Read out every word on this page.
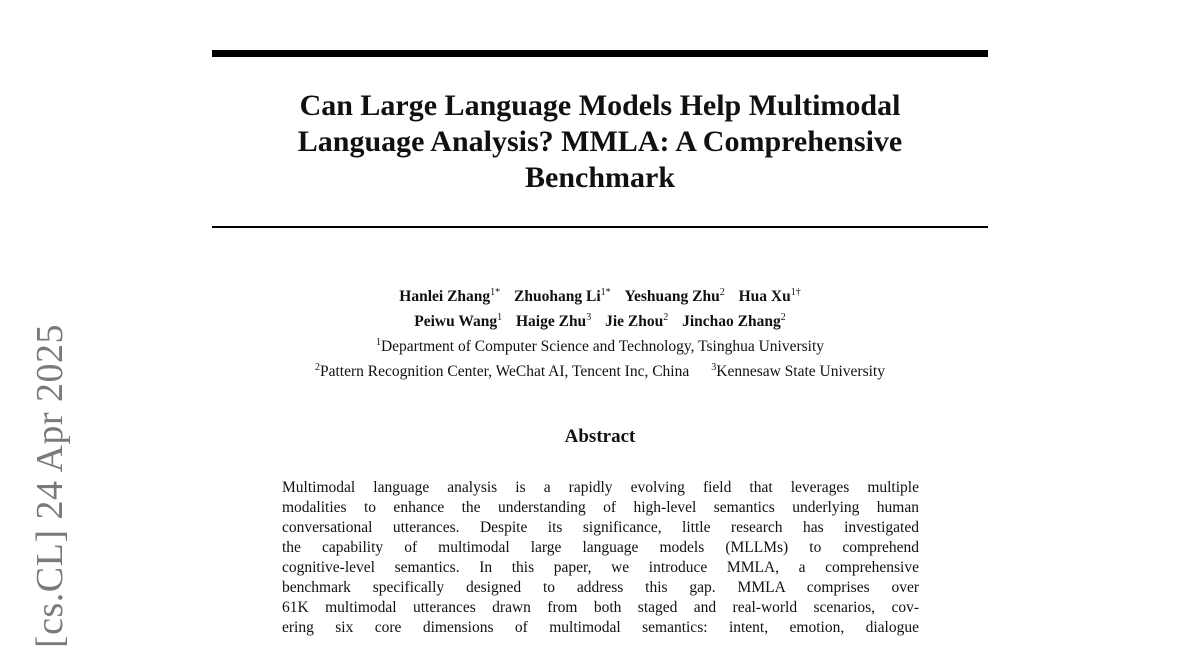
[cs.CL] 24 Apr 2025
Can Large Language Models Help Multimodal
Language Analysis? MMLA: A Comprehensive
Benchmark
Hanlei Zhang$^{1*}$ Zhuohang $Li^{1*}$ Yeshuang Zhu$^2$ Hua $Xu^{1\dagger}$
Peiwu Wang$^1$ Haige Zhu$^3$ Jie Zhou$^2$ Jinchao Zhang$^2$
$^1$Department of Computer Science and Technology, Tsinghua University
$^2$Pattern Recognition Center, WeChat AI, Tencent Inc, China $^3$Kennesaw State University
Abstract
Multimodal language analysis is a rapidly evolving field that leverages multiple
modalities to enhance the understanding of high-level semantics underlying human
conversational utterances. Despite its significance, little research has investigated
the capability of multimodal large language models (MLLMs) to comprehend
cognitive-level semantics. In this paper, we introduce MMLA, a comprehensive
benchmark specifically designed to address this gap. MMLA comprises over
61K multimodal utterances drawn from both staged and real-world scenarios, cov-
ering six core dimensions of multimodal semantics: intent, emotion, dialogue
